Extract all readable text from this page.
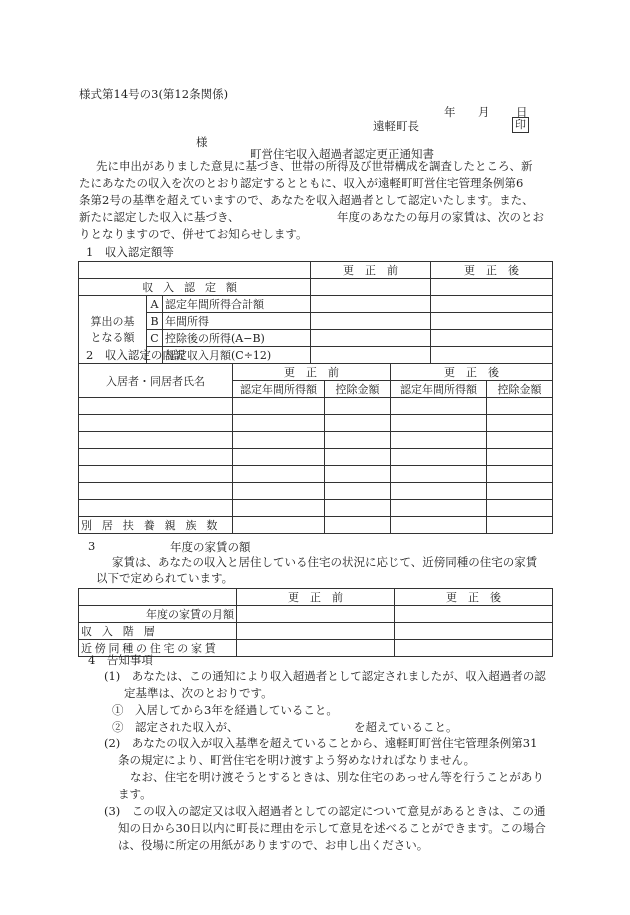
様式第14号の3(第12条関係)
年 月 日
遠軽町長	印
様
町営住宅収入超過者認定更正通知書

先に申出がありました意見に基づき、世帯の所得及び世帯構成を調査したところ、新

たにあなたの収入を次のとおり認定するとともに、収入が遠軽町町営住宅管理条例第6

条第2号の基準を超えていますので、あなたを収入超過者として認定いたします。また、

新たに認定した収入に基づき、	年度のあなたの毎月の家賃は、次のとお

りとなりますので、併せてお知らせします。

1　収入認定額等
			更　正　前	更　正　後
収入認定額				

算出の基
となる額	A	認定年間所得合計額		
	B	年間所得		
	C	控除後の所得(A−B)		
		認定収入月額(C÷12)		
2　収入認定の内訳
入居者・同居者氏名	更　正　前		更　正　後	
	認定年間所得額	控除金額	認定年間所得額	控除金額

別居扶養親族数				
3	年度の家賃の額

家賃は、あなたの収入と居住している住宅の状況に応じて、近傍同種の住宅の家賃

以下で定められています。

	更　正　前	更　正　後
年度の家賃の月額		
収入階層		
近傍同種の住宅の家賃		
4　告知事項

(1)　あなたは、この通知により収入超過者として認定されましたが、収入超過者の認

定基準は、次のとおりです。

①　入居してから3年を経過していること。

②　認定された収入が、	を超えていること。

(2)　あなたの収入が収入基準を超えていることから、遠軽町町営住宅管理条例第31

条の規定により、町営住宅を明け渡すよう努めなければなりません。

なお、住宅を明け渡そうとするときは、別な住宅のあっせん等を行うことがあり

ます。

(3)　この収入の認定又は収入超過者としての認定について意見があるときは、この通

知の日から30日以内に町長に理由を示して意見を述べることができます。この場合

は、役場に所定の用紙がありますので、お申し出ください。
